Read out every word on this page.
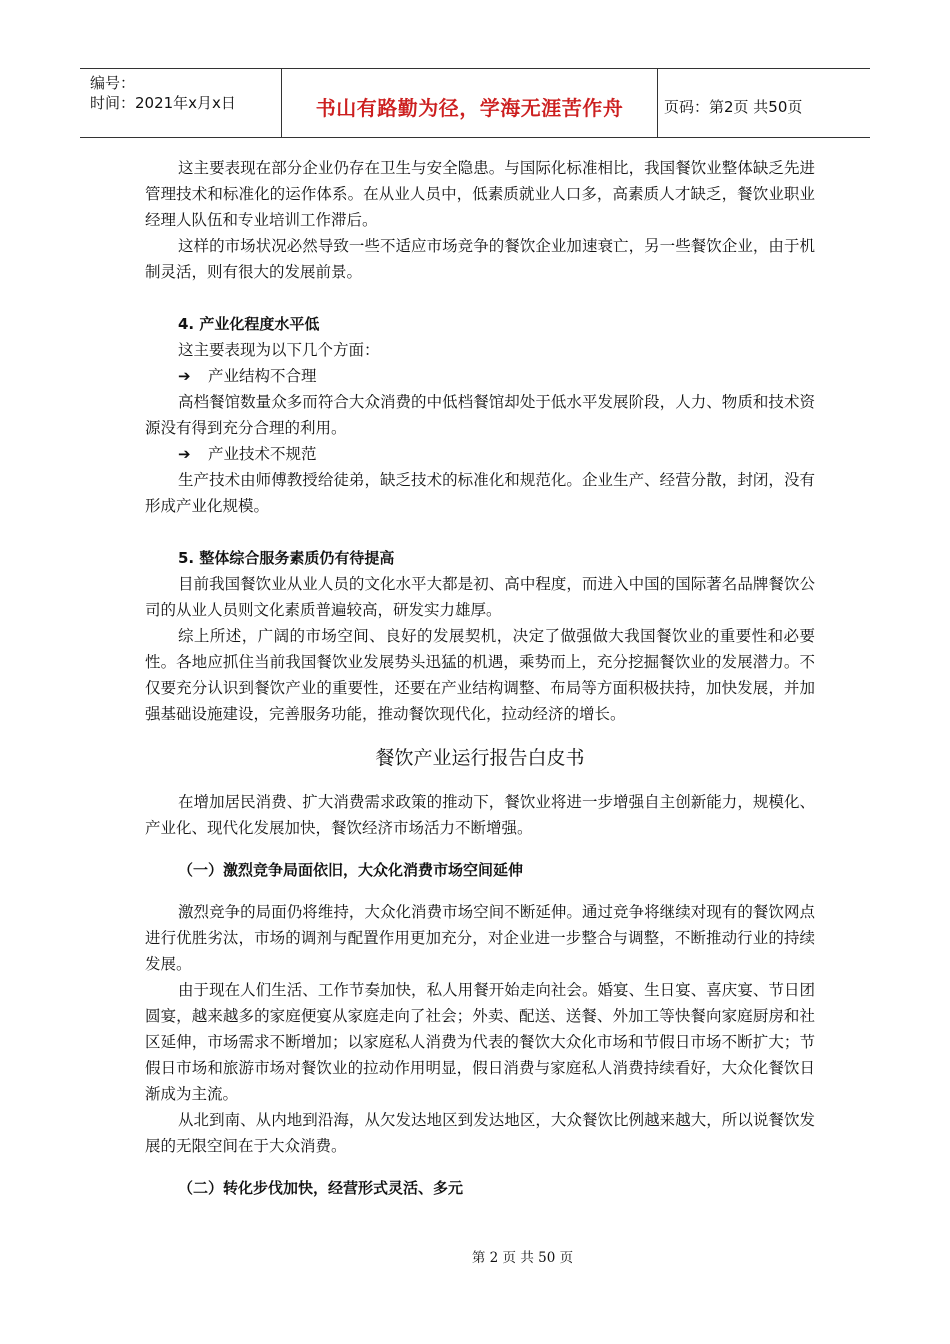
编号：
时间：2021年x月x日	书山有路勤为径，学海无涯苦作舟	页码：第2页 共50页

这主要表现在部分企业仍存在卫生与安全隐患。与国际化标准相比，我国餐饮业整体缺乏先进管理技术和标准化的运作体系。在从业人员中，低素质就业人口多，高素质人才缺乏，餐饮业职业经理人队伍和专业培训工作滞后。

这样的市场状况必然导致一些不适应市场竞争的餐饮企业加速衰亡，另一些餐饮企业，由于机制灵活，则有很大的发展前景。

4. 产业化程度水平低

这主要表现为以下几个方面：

➔	产业结构不合理

高档餐馆数量众多而符合大众消费的中低档餐馆却处于低水平发展阶段，人力、物质和技术资源没有得到充分合理的利用。

➔	产业技术不规范

生产技术由师傅教授给徒弟，缺乏技术的标准化和规范化。企业生产、经营分散，封闭，没有形成产业化规模。

5. 整体综合服务素质仍有待提高

目前我国餐饮业从业人员的文化水平大都是初、高中程度，而进入中国的国际著名品牌餐饮公司的从业人员则文化素质普遍较高，研发实力雄厚。

综上所述，广阔的市场空间、良好的发展契机，决定了做强做大我国餐饮业的重要性和必要性。各地应抓住当前我国餐饮业发展势头迅猛的机遇，乘势而上，充分挖掘餐饮业的发展潜力。不仅要充分认识到餐饮产业的重要性，还要在产业结构调整、布局等方面积极扶持，加快发展，并加强基础设施建设，完善服务功能，推动餐饮现代化，拉动经济的增长。

餐饮产业运行报告白皮书

在增加居民消费、扩大消费需求政策的推动下，餐饮业将进一步增强自主创新能力，规模化、产业化、现代化发展加快，餐饮经济市场活力不断增强。

（一）激烈竞争局面依旧，大众化消费市场空间延伸

激烈竞争的局面仍将维持，大众化消费市场空间不断延伸。通过竞争将继续对现有的餐饮网点进行优胜劣汰，市场的调剂与配置作用更加充分，对企业进一步整合与调整，不断推动行业的持续发展。

由于现在人们生活、工作节奏加快，私人用餐开始走向社会。婚宴、生日宴、喜庆宴、节日团圆宴，越来越多的家庭便宴从家庭走向了社会；外卖、配送、送餐、外加工等快餐向家庭厨房和社区延伸，市场需求不断增加；以家庭私人消费为代表的餐饮大众化市场和节假日市场不断扩大；节假日市场和旅游市场对餐饮业的拉动作用明显，假日消费与家庭私人消费持续看好，大众化餐饮日渐成为主流。

从北到南、从内地到沿海，从欠发达地区到发达地区，大众餐饮比例越来越大，所以说餐饮发展的无限空间在于大众消费。

（二）转化步伐加快，经营形式灵活、多元

第 2 页 共 50 页
